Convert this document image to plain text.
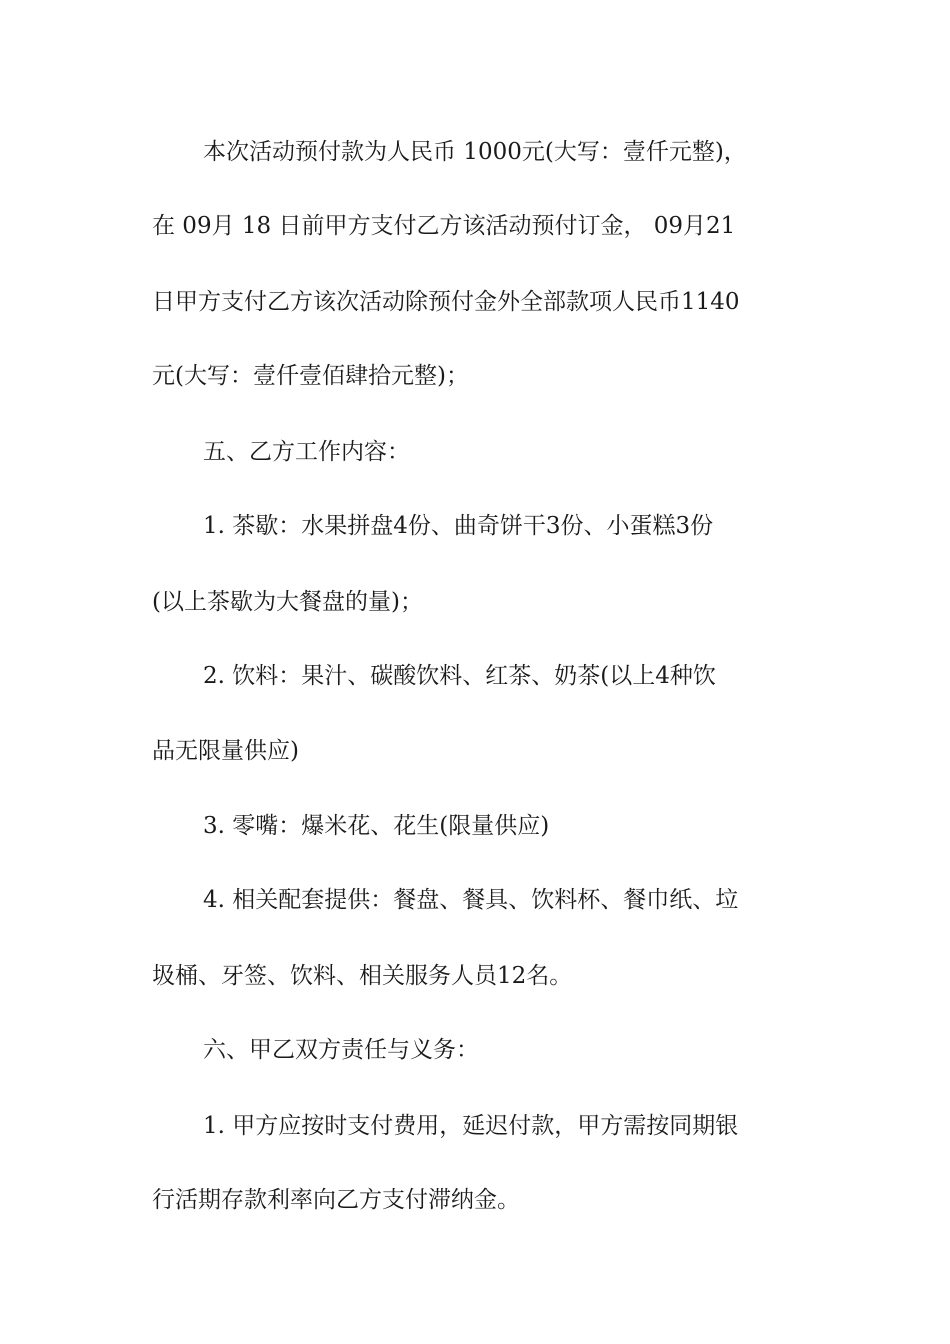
本次活动预付款为人民币 1000元(大写：壹仟元整)，
在 09月 18 日前甲方支付乙方该活动预付订金， 09月21
日甲方支付乙方该次活动除预付金外全部款项人民币1140
元(大写：壹仟壹佰肆拾元整)；
五、乙方工作内容：
1. 茶歇：水果拼盘4份、曲奇饼干3份、小蛋糕3份
(以上茶歇为大餐盘的量)；
2. 饮料：果汁、碳酸饮料、红茶、奶茶(以上4种饮
品无限量供应)
3. 零嘴：爆米花、花生(限量供应)
4. 相关配套提供：餐盘、餐具、饮料杯、餐巾纸、垃
圾桶、牙签、饮料、相关服务人员12名。
六、甲乙双方责任与义务：
1. 甲方应按时支付费用，延迟付款，甲方需按同期银
行活期存款利率向乙方支付滞纳金。
